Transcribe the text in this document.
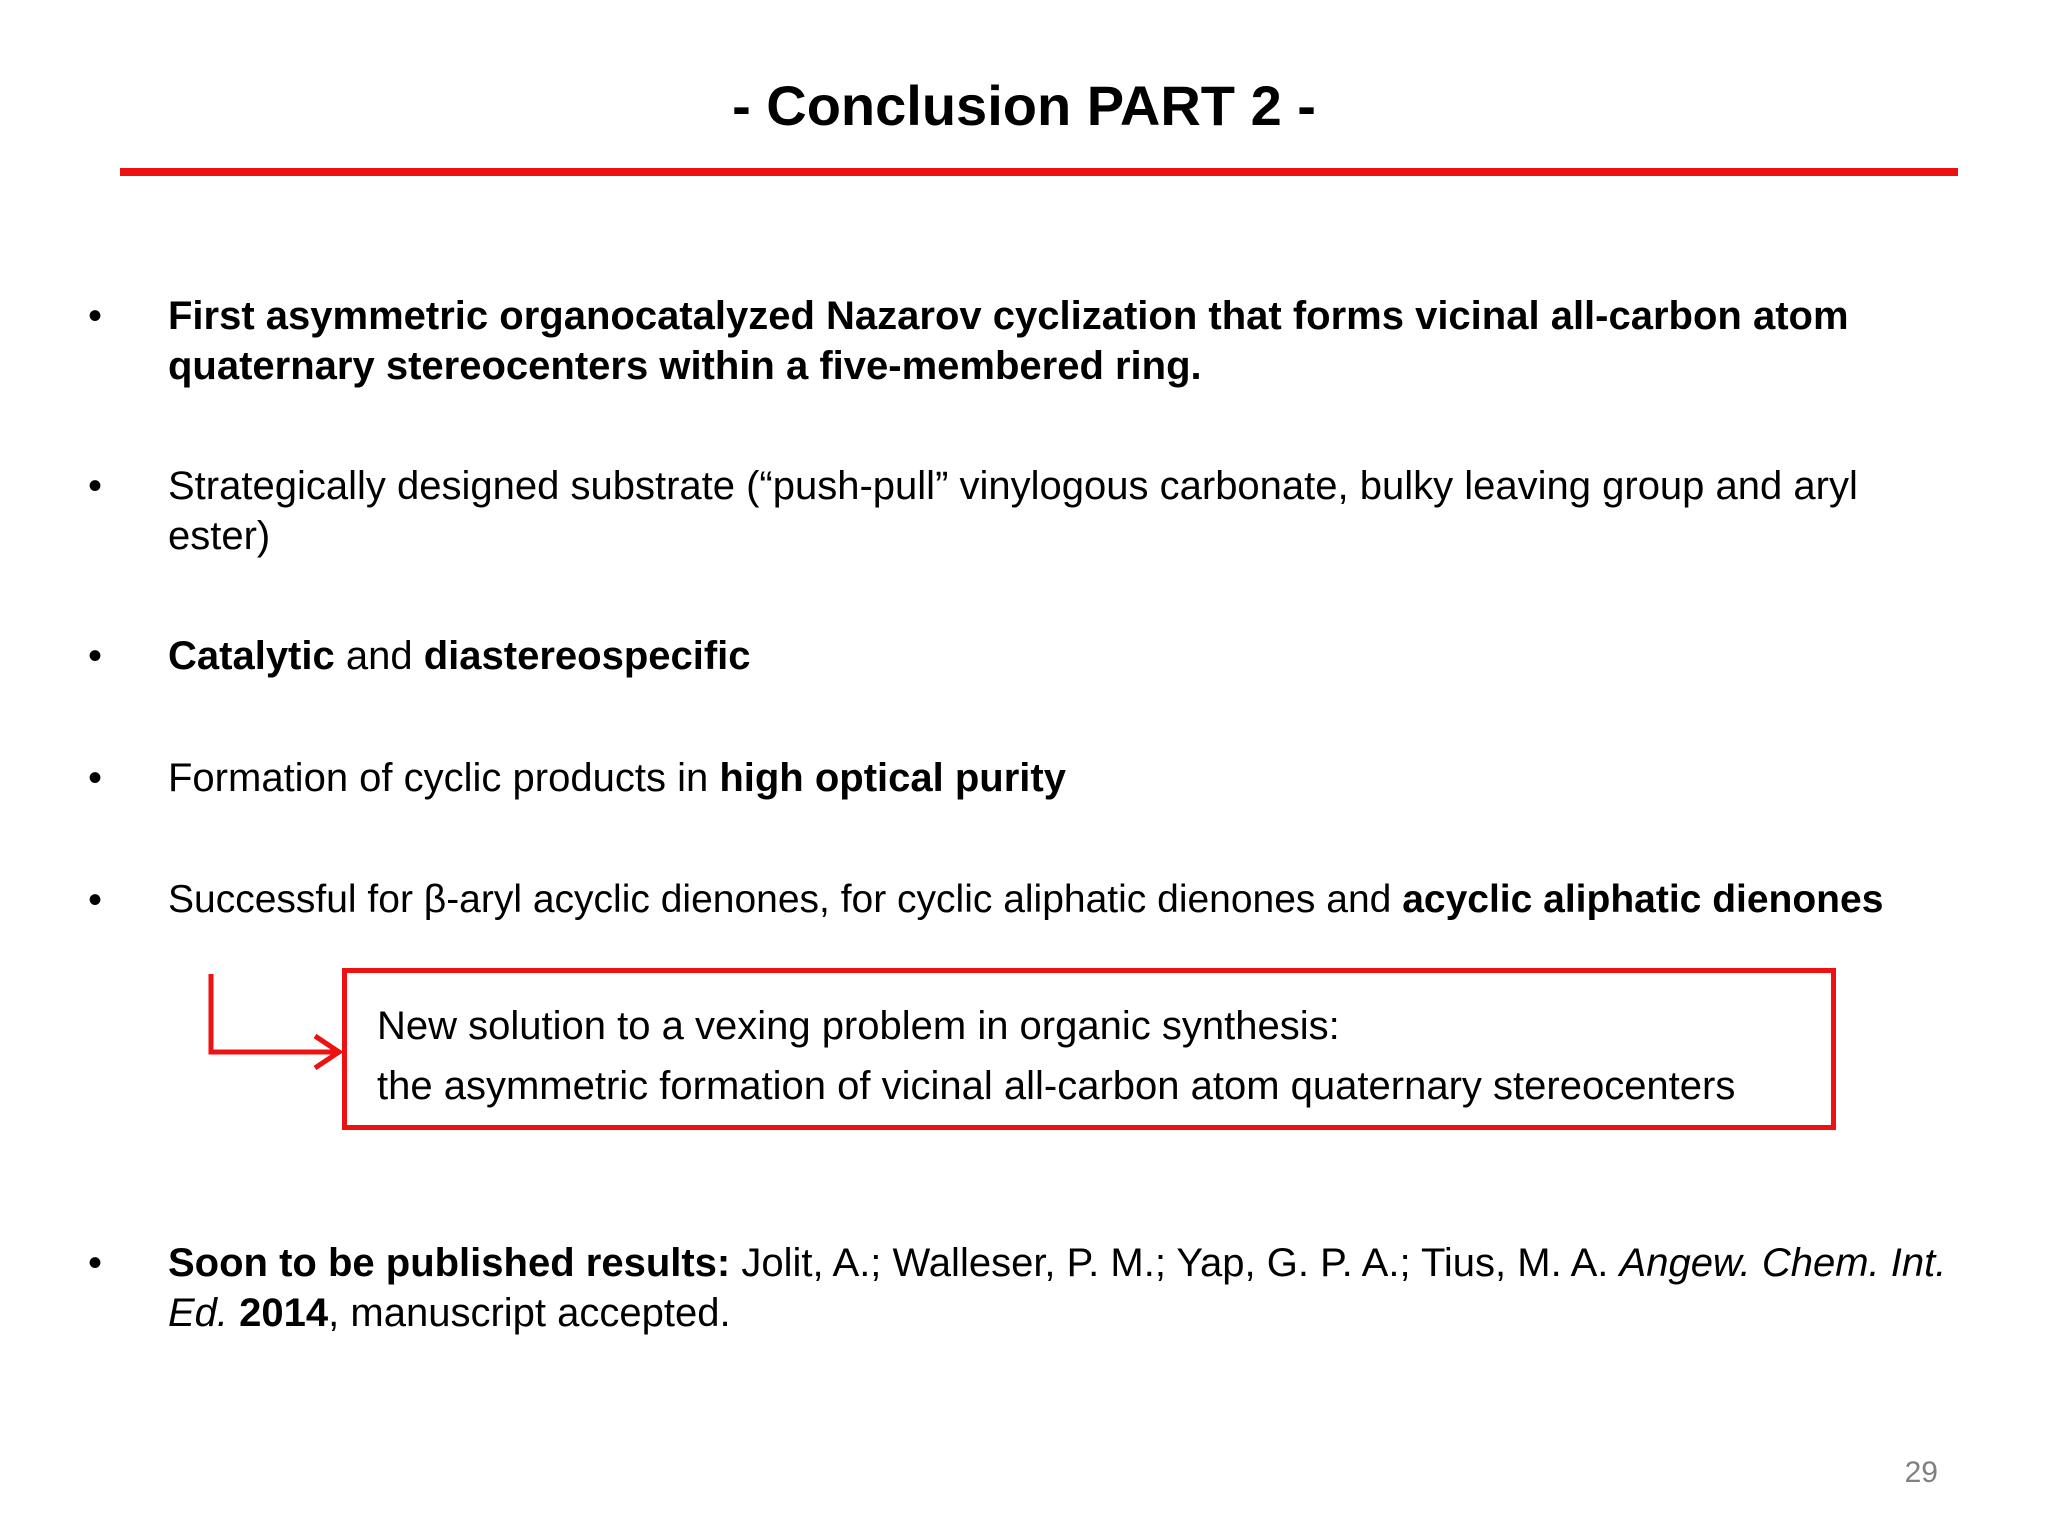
- Conclusion PART 2 -
• First asymmetric organocatalyzed Nazarov cyclization that forms vicinal all-carbon atom quaternary stereocenters within a five-membered ring.
• Strategically designed substrate (“push-pull” vinylogous carbonate, bulky leaving group and aryl ester)
• Catalytic and diastereospecific
• Formation of cyclic products in high optical purity
• Successful for β-aryl acyclic dienones, for cyclic aliphatic dienones and acyclic aliphatic dienones
New solution to a vexing problem in organic synthesis:
the asymmetric formation of vicinal all-carbon atom quaternary stereocenters
• Soon to be published results: Jolit, A.; Walleser, P. M.; Yap, G. P. A.; Tius, M. A. Angew. Chem. Int. Ed. 2014, manuscript accepted.
29
